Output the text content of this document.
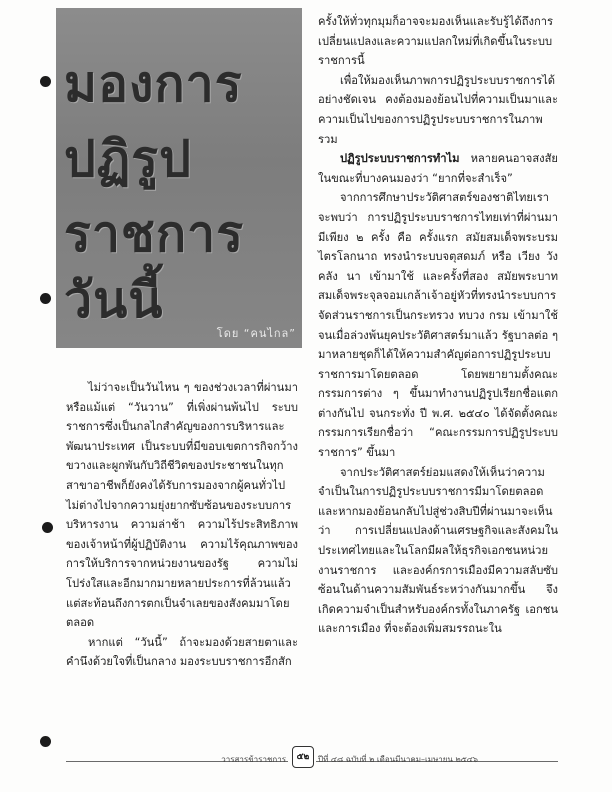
มองการ
ปฏิรูป
ราชการ
วันนี้
โดย “คนไกล”

ไม่ว่าจะเป็นวันไหน ๆ ของช่วงเวลาที่ผ่านมา หรือแม้แต่ “วันวาน” ที่เพิ่งผ่านพ้นไป ระบบราชการซึ่งเป็นกลไกสำคัญของการบริหารและพัฒนาประเทศ เป็นระบบที่มีขอบเขตการกิจกว้างขวางและผูกพันกับวิถีชีวิตของประชาชนในทุกสาขาอาชีพก็ยังคงได้รับการมองจากผู้คนทั่วไปไม่ต่างไปจากความยุ่งยากซับซ้อนของระบบการบริหารงาน ความล่าช้า ความไร้ประสิทธิภาพของเจ้าหน้าที่ผู้ปฏิบัติงาน ความไร้คุณภาพของการให้บริการจากหน่วยงานของรัฐ ความไม่โปร่งใสและอีกมากมายหลายประการที่ล้วนแล้วแต่สะท้อนถึงการตกเป็นจำเลยของสังคมมาโดยตลอด

หากแต่ “วันนี้” ถ้าจะมองด้วยสายตาและคำนึงด้วยใจที่เป็นกลาง มองระบบราชการอีกสัก

ครั้งให้ทั่วทุกมุมก็อาจจะมองเห็นและรับรู้ได้ถึงการเปลี่ยนแปลงและความแปลกใหม่ที่เกิดขึ้นในระบบราชการนี้

เพื่อให้มองเห็นภาพการปฏิรูประบบราชการได้อย่างชัดเจน คงต้องมองย้อนไปที่ความเป็นมาและความเป็นไปของการปฏิรูประบบราชการในภาพรวม

ปฏิรูประบบราชการทำไม หลายคนอาจสงสัย ในขณะที่บางคนมองว่า “ยากที่จะสำเร็จ”

จากการศึกษาประวัติศาสตร์ของชาติไทยเราจะพบว่า การปฏิรูประบบราชการไทยเท่าที่ผ่านมามีเพียง ๒ ครั้ง คือ ครั้งแรก สมัยสมเด็จพระบรมไตรโลกนาถ ทรงนำระบบจตุสดมภ์ หรือ เวียง วัง คลัง นา เข้ามาใช้ และครั้งที่สอง สมัยพระบาทสมเด็จพระจุลจอมเกล้าเจ้าอยู่หัวที่ทรงนำระบบการจัดส่วนราชการเป็นกระทรวง ทบวง กรม เข้ามาใช้ จนเมื่อล่วงพ้นยุคประวัติศาสตร์มาแล้ว รัฐบาลต่อ ๆ มาหลายชุดก็ได้ให้ความสำคัญต่อการปฏิรูประบบราชการมาโดยตลอด โดยพยายามตั้งคณะกรรมการต่าง ๆ ขึ้นมาทำงานปฏิรูปเรียกชื่อแตกต่างกันไป จนกระทั่ง ปี พ.ศ. ๒๕๔๐ ได้จัดตั้งคณะกรรมการเรียกชื่อว่า “คณะกรรมการปฏิรูประบบราชการ” ขึ้นมา

จากประวัติศาสตร์ย่อมแสดงให้เห็นว่าความจำเป็นในการปฏิรูประบบราชการมีมาโดยตลอดและหากมองย้อนกลับไปสู่ช่วงสิบปีที่ผ่านมาจะเห็นว่า การเปลี่ยนแปลงด้านเศรษฐกิจและสังคมในประเทศไทยและในโลกมีผลให้ธุรกิจเอกชนหน่วยงานราชการ และองค์กรการเมืองมีความสลับซับซ้อนในด้านความสัมพันธ์ระหว่างกันมากขึ้น จึงเกิดความจำเป็นสำหรับองค์กรทั้งในภาครัฐ เอกชน และการเมือง ที่จะต้องเพิ่มสมรรถนะใน

วารสารข้าราชการ	๕๒	ปีที่ ๔๘ ฉบับที่ ๒ เดือนมีนาคม–เมษายน ๒๕๔๖
